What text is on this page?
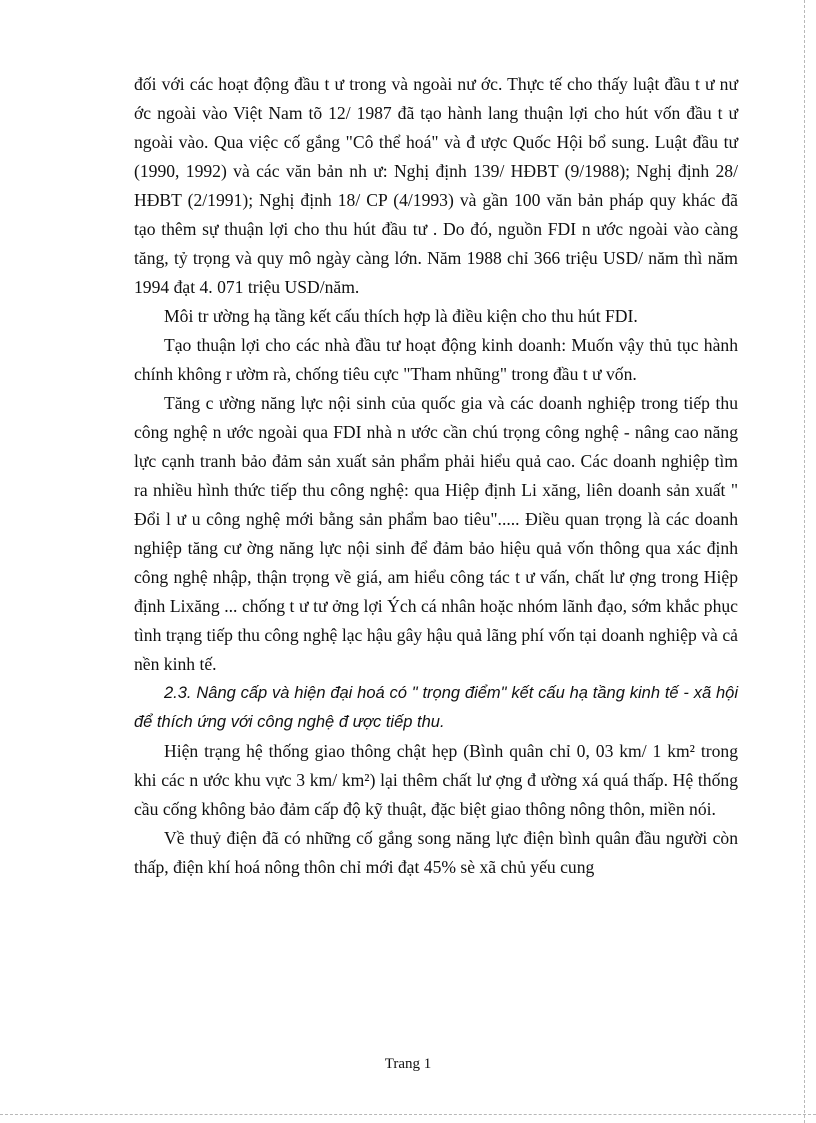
đối với các hoạt động đầu t ư trong và ngoài nư ớc. Thực tế cho thấy luật đầu t ư nư ớc ngoài vào Việt Nam tõ 12/ 1987 đã tạo hành lang thuận lợi cho hút vốn đầu t ư ngoài vào. Qua việc cố gắng "Cô thể hoá" và đ ược Quốc Hội bổ sung. Luật đầu tư (1990, 1992) và các văn bản nh ư: Nghị định 139/ HĐBT (9/1988); Nghị định 28/ HĐBT (2/1991); Nghị định 18/ CP (4/1993) và gần 100 văn bản pháp quy khác đã tạo thêm sự thuận lợi cho thu hút đầu tư . Do đó, nguồn FDI n ước ngoài vào càng tăng, tỷ trọng và quy mô ngày càng lớn. Năm 1988 chỉ 366 triệu USD/ năm thì năm 1994 đạt 4. 071 triệu USD/năm.

Môi tr ường hạ tầng kết cấu thích hợp là điều kiện cho thu hút FDI.

Tạo thuận lợi cho các nhà đầu tư hoạt động kinh doanh: Muốn vậy thủ tục hành chính không r ườm rà, chống tiêu cực "Tham nhũng" trong đầu t ư vốn.

Tăng c ường năng lực nội sinh của quốc gia và các doanh nghiệp trong tiếp thu công nghệ n ước ngoài qua FDI nhà n ước cần chú trọng công nghệ - nâng cao năng lực cạnh tranh bảo đảm sản xuất sản phẩm phải hiểu quả cao. Các doanh nghiệp tìm ra nhiều hình thức tiếp thu công nghệ: qua Hiệp định Li xăng, liên doanh sản xuất " Đổi l ư u công nghệ mới bằng sản phẩm bao tiêu"..... Điều quan trọng là các doanh nghiệp tăng cư ờng năng lực nội sinh để đảm bảo hiệu quả vốn thông qua xác định công nghệ nhập, thận trọng về giá, am hiểu công tác t ư vấn, chất lư ợng trong Hiệp định Lixăng ... chống t ư tư ởng lợi Ých cá nhân hoặc nhóm lãnh đạo, sớm khắc phục tình trạng tiếp thu công nghệ lạc hậu gây hậu quả lãng phí vốn tại doanh nghiệp và cả nền kinh tế.

2.3. Nâng cấp và hiện đại hoá có " trọng điểm" kết cấu hạ tầng kinh tế - xã hội để thích ứng với công nghệ đ ược tiếp thu.

Hiện trạng hệ thống giao thông chật hẹp (Bình quân chỉ 0, 03 km/ 1 km² trong khi các n ước khu vực 3 km/ km²) lại thêm chất lư ợng đ ường xá quá thấp. Hệ thống cầu cống không bảo đảm cấp độ kỹ thuật, đặc biệt giao thông nông thôn, miền nói.

Về thuỷ điện đã có những cố gắng song năng lực điện bình quân đầu người còn thấp, điện khí hoá nông thôn chỉ mới đạt 45% sè xã chủ yếu cung

Trang 1
